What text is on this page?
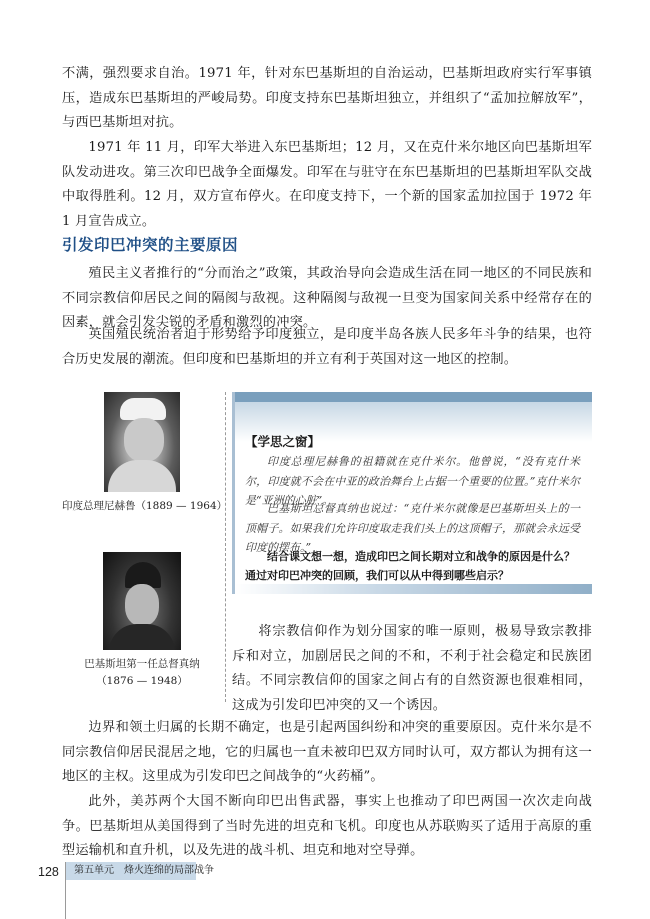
不满，强烈要求自治。1971 年，针对东巴基斯坦的自治运动，巴基斯坦政府实行军事镇压，造成东巴基斯坦的严峻局势。印度支持东巴基斯坦独立，并组织了“孟加拉解放军”，与西巴基斯坦对抗。

1971 年 11 月，印军大举进入东巴基斯坦；12 月，又在克什米尔地区向巴基斯坦军队发动进攻。第三次印巴战争全面爆发。印军在与驻守在东巴基斯坦的巴基斯坦军队交战中取得胜利。12 月，双方宣布停火。在印度支持下，一个新的国家孟加拉国于 1972 年 1 月宣告成立。

引发印巴冲突的主要原因

殖民主义者推行的“分而治之”政策，其政治导向会造成生活在同一地区的不同民族和不同宗教信仰居民之间的隔阂与敌视。这种隔阂与敌视一旦变为国家间关系中经常存在的因素，就会引发尖锐的矛盾和激烈的冲突。

英国殖民统治者迫于形势给予印度独立，是印度半岛各族人民多年斗争的结果，也符合历史发展的潮流。但印度和巴基斯坦的并立有利于英国对这一地区的控制。

印度总理尼赫鲁（1889 — 1964）
巴基斯坦第一任总督真纳
（1876 — 1948）
【学思之窗】

印度总理尼赫鲁的祖籍就在克什米尔。他曾说，“没有克什米尔，印度就不会在中亚的政治舞台上占据一个重要的位置。”克什米尔是“亚洲的心脏”。

巴基斯坦总督真纳也说过：“克什米尔就像是巴基斯坦头上的一顶帽子。如果我们允许印度取走我们头上的这顶帽子，那就会永远受印度的摆布。”

结合课文想一想，造成印巴之间长期对立和战争的原因是什么？通过对印巴冲突的回顾，我们可以从中得到哪些启示？

将宗教信仰作为划分国家的唯一原则，极易导致宗教排斥和对立，加剧居民之间的不和，不利于社会稳定和民族团结。不同宗教信仰的国家之间占有的自然资源也很难相同，这成为引发印巴冲突的又一个诱因。

边界和领土归属的长期不确定，也是引起两国纠纷和冲突的重要原因。克什米尔是不同宗教信仰居民混居之地，它的归属也一直未被印巴双方同时认可，双方都认为拥有这一地区的主权。这里成为引发印巴之间战争的“火药桶”。

此外，美苏两个大国不断向印巴出售武器，事实上也推动了印巴两国一次次走向战争。巴基斯坦从美国得到了当时先进的坦克和飞机。印度也从苏联购买了适用于高原的重型运输机和直升机，以及先进的战斗机、坦克和地对空导弹。

128	第五单元　烽火连绵的局部战争
